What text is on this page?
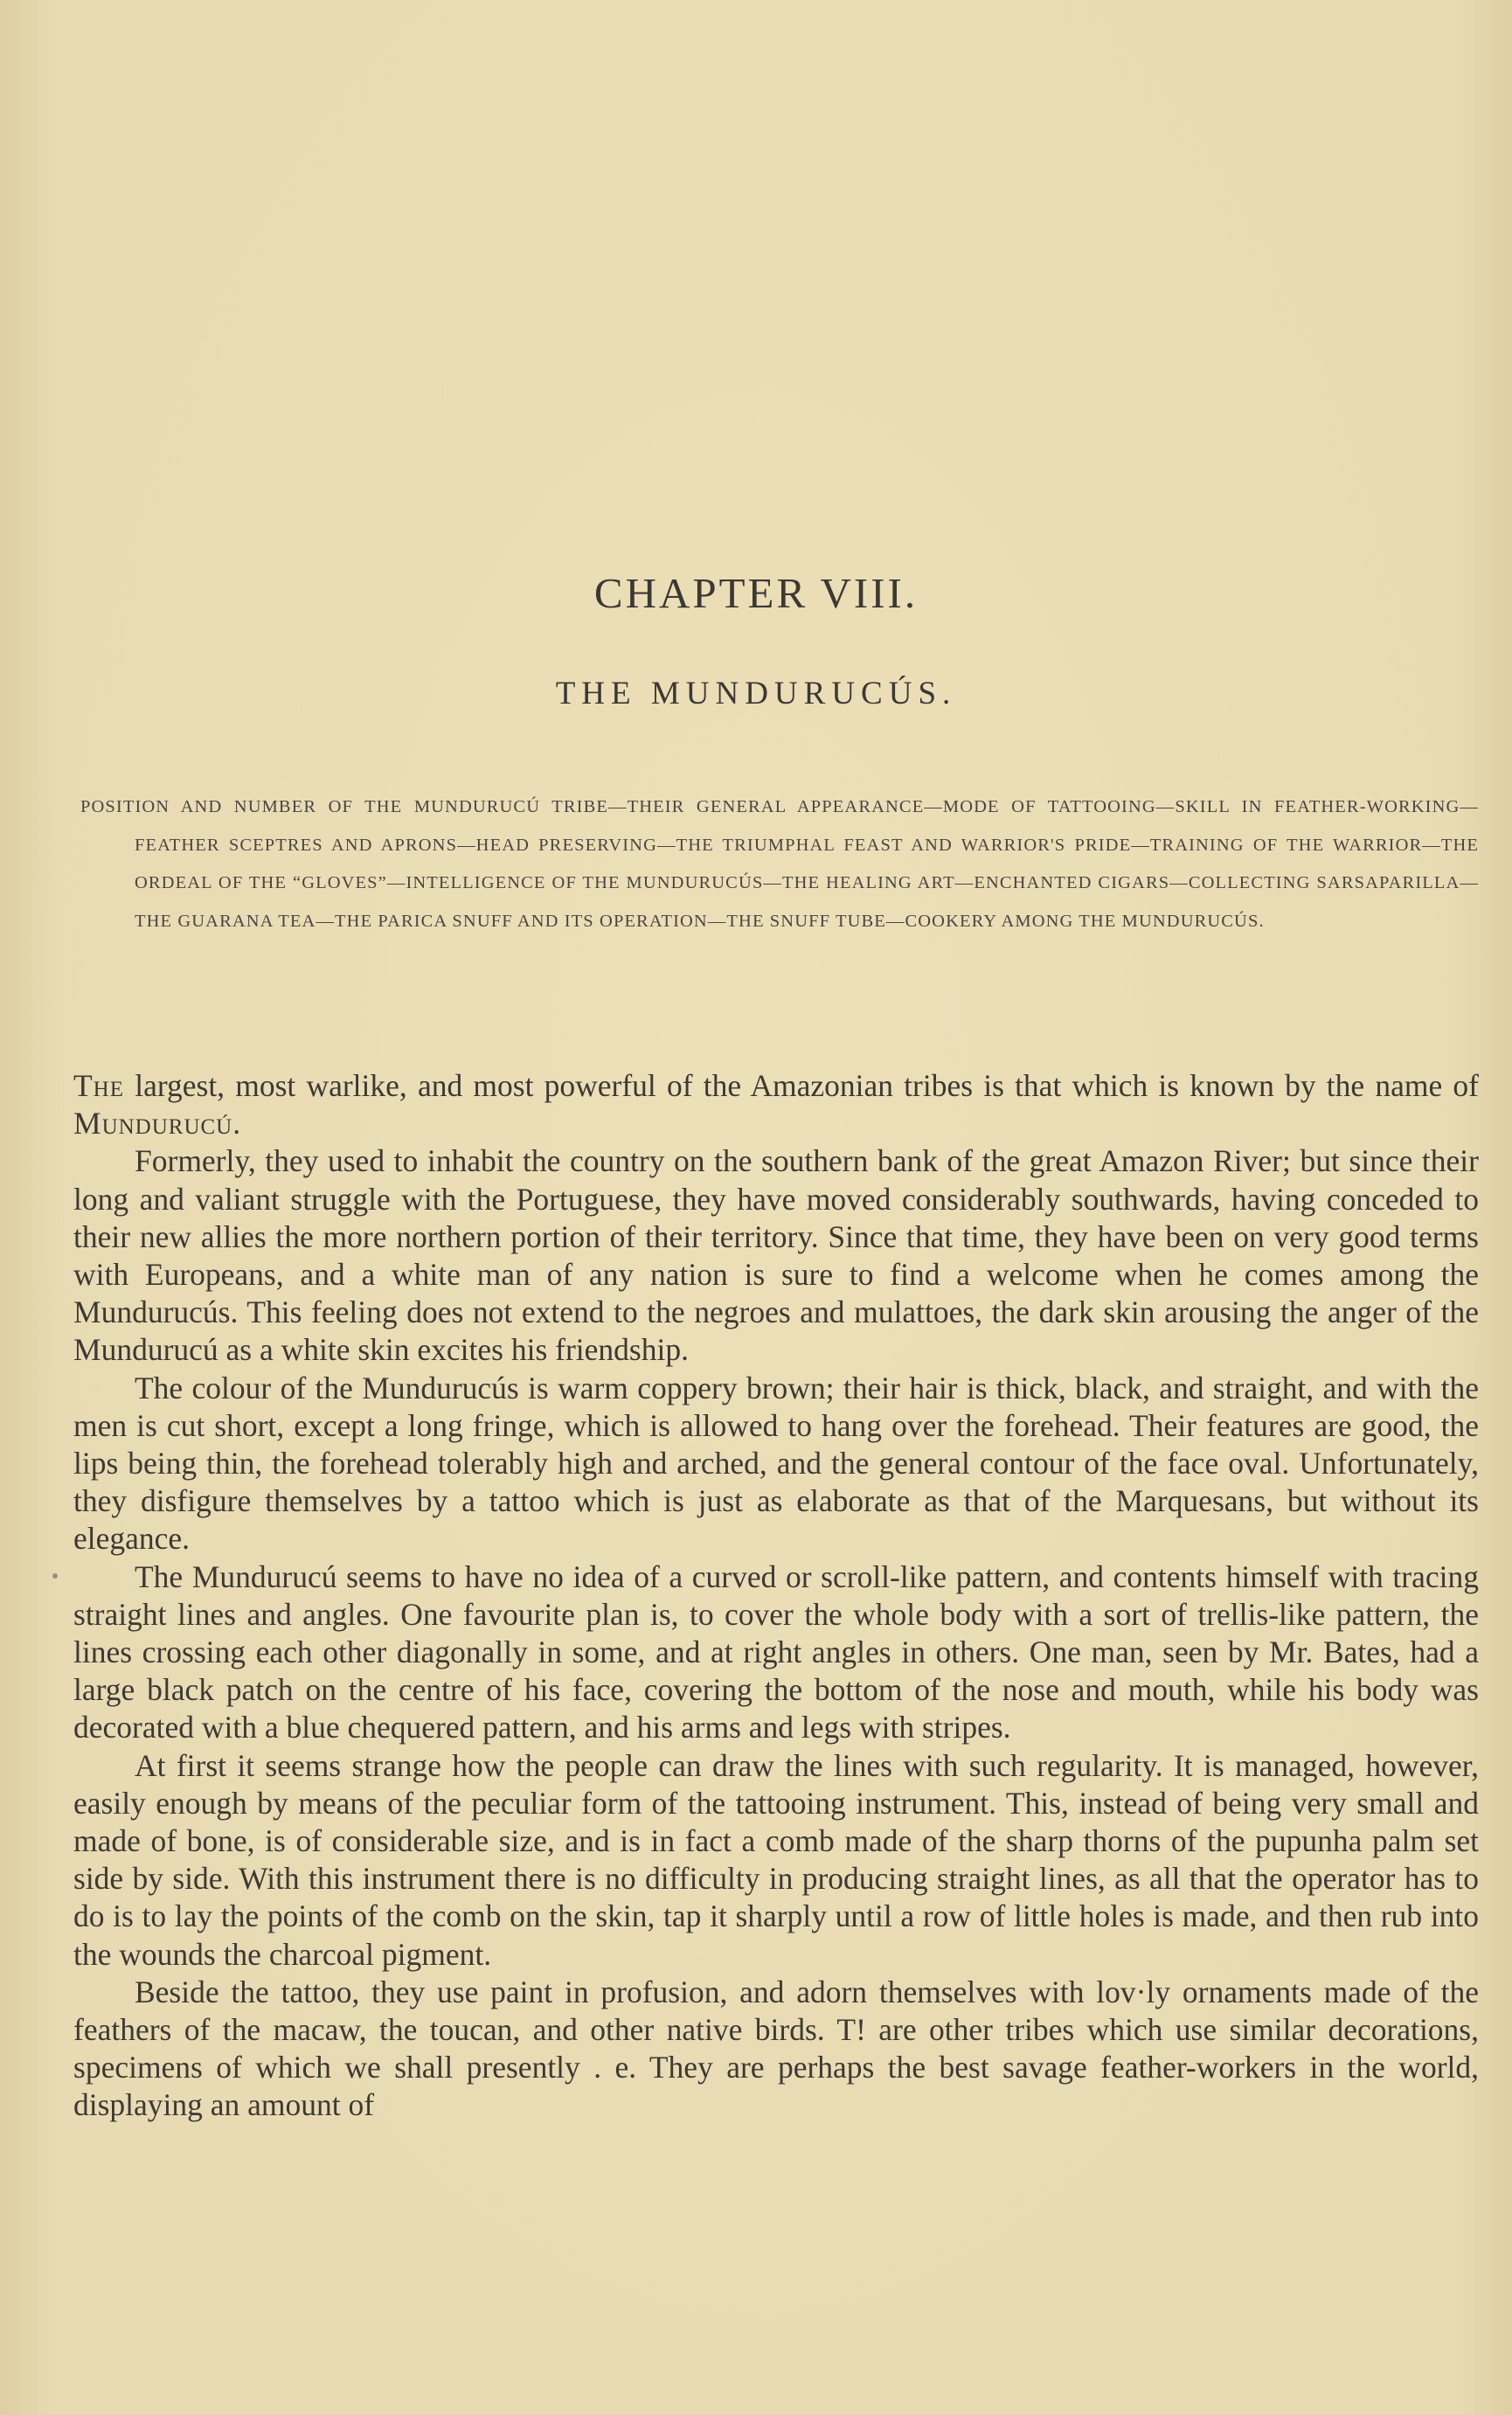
CHAPTER VIII.
THE MUNDURUCÚS.
POSITION AND NUMBER OF THE MUNDURUCÚ TRIBE—THEIR GENERAL APPEARANCE—MODE OF TATTOOING—SKILL IN FEATHER-WORKING—FEATHER SCEPTRES AND APRONS—HEAD PRESERVING—THE TRIUMPHAL FEAST AND WARRIOR'S PRIDE—TRAINING OF THE WARRIOR—THE ORDEAL OF THE “GLOVES”—INTELLIGENCE OF THE MUNDURUCÚS—THE HEALING ART—ENCHANTED CIGARS—COLLECTING SARSAPARILLA—THE GUARANA TEA—THE PARICA SNUFF AND ITS OPERATION—THE SNUFF TUBE—COOKERY AMONG THE MUNDURUCÚS.

The largest, most warlike, and most powerful of the Amazonian tribes is that which is known by the name of Mundurucú.

Formerly, they used to inhabit the country on the southern bank of the great Amazon River; but since their long and valiant struggle with the Portuguese, they have moved considerably southwards, having conceded to their new allies the more northern portion of their territory. Since that time, they have been on very good terms with Europeans, and a white man of any nation is sure to find a welcome when he comes among the Mundurucús. This feeling does not extend to the negroes and mulattoes, the dark skin arousing the anger of the Mundurucú as a white skin excites his friendship.

The colour of the Mundurucús is warm coppery brown; their hair is thick, black, and straight, and with the men is cut short, except a long fringe, which is allowed to hang over the forehead. Their features are good, the lips being thin, the forehead tolerably high and arched, and the general contour of the face oval. Unfortunately, they disfigure themselves by a tattoo which is just as elaborate as that of the Marquesans, but without its elegance.

The Mundurucú seems to have no idea of a curved or scroll-like pattern, and contents himself with tracing straight lines and angles. One favourite plan is, to cover the whole body with a sort of trellis-like pattern, the lines crossing each other diagonally in some, and at right angles in others. One man, seen by Mr. Bates, had a large black patch on the centre of his face, covering the bottom of the nose and mouth, while his body was decorated with a blue chequered pattern, and his arms and legs with stripes.

At first it seems strange how the people can draw the lines with such regularity. It is managed, however, easily enough by means of the peculiar form of the tattooing instrument. This, instead of being very small and made of bone, is of considerable size, and is in fact a comb made of the sharp thorns of the pupunha palm set side by side. With this instrument there is no difficulty in producing straight lines, as all that the operator has to do is to lay the points of the comb on the skin, tap it sharply until a row of little holes is made, and then rub into the wounds the charcoal pigment.

Beside the tattoo, they use paint in profusion, and adorn themselves with lov·ly ornaments made of the feathers of the macaw, the toucan, and other native birds. T! are other tribes which use similar decorations, specimens of which we shall presently . e. They are perhaps the best savage feather-workers in the world, displaying an amount of
